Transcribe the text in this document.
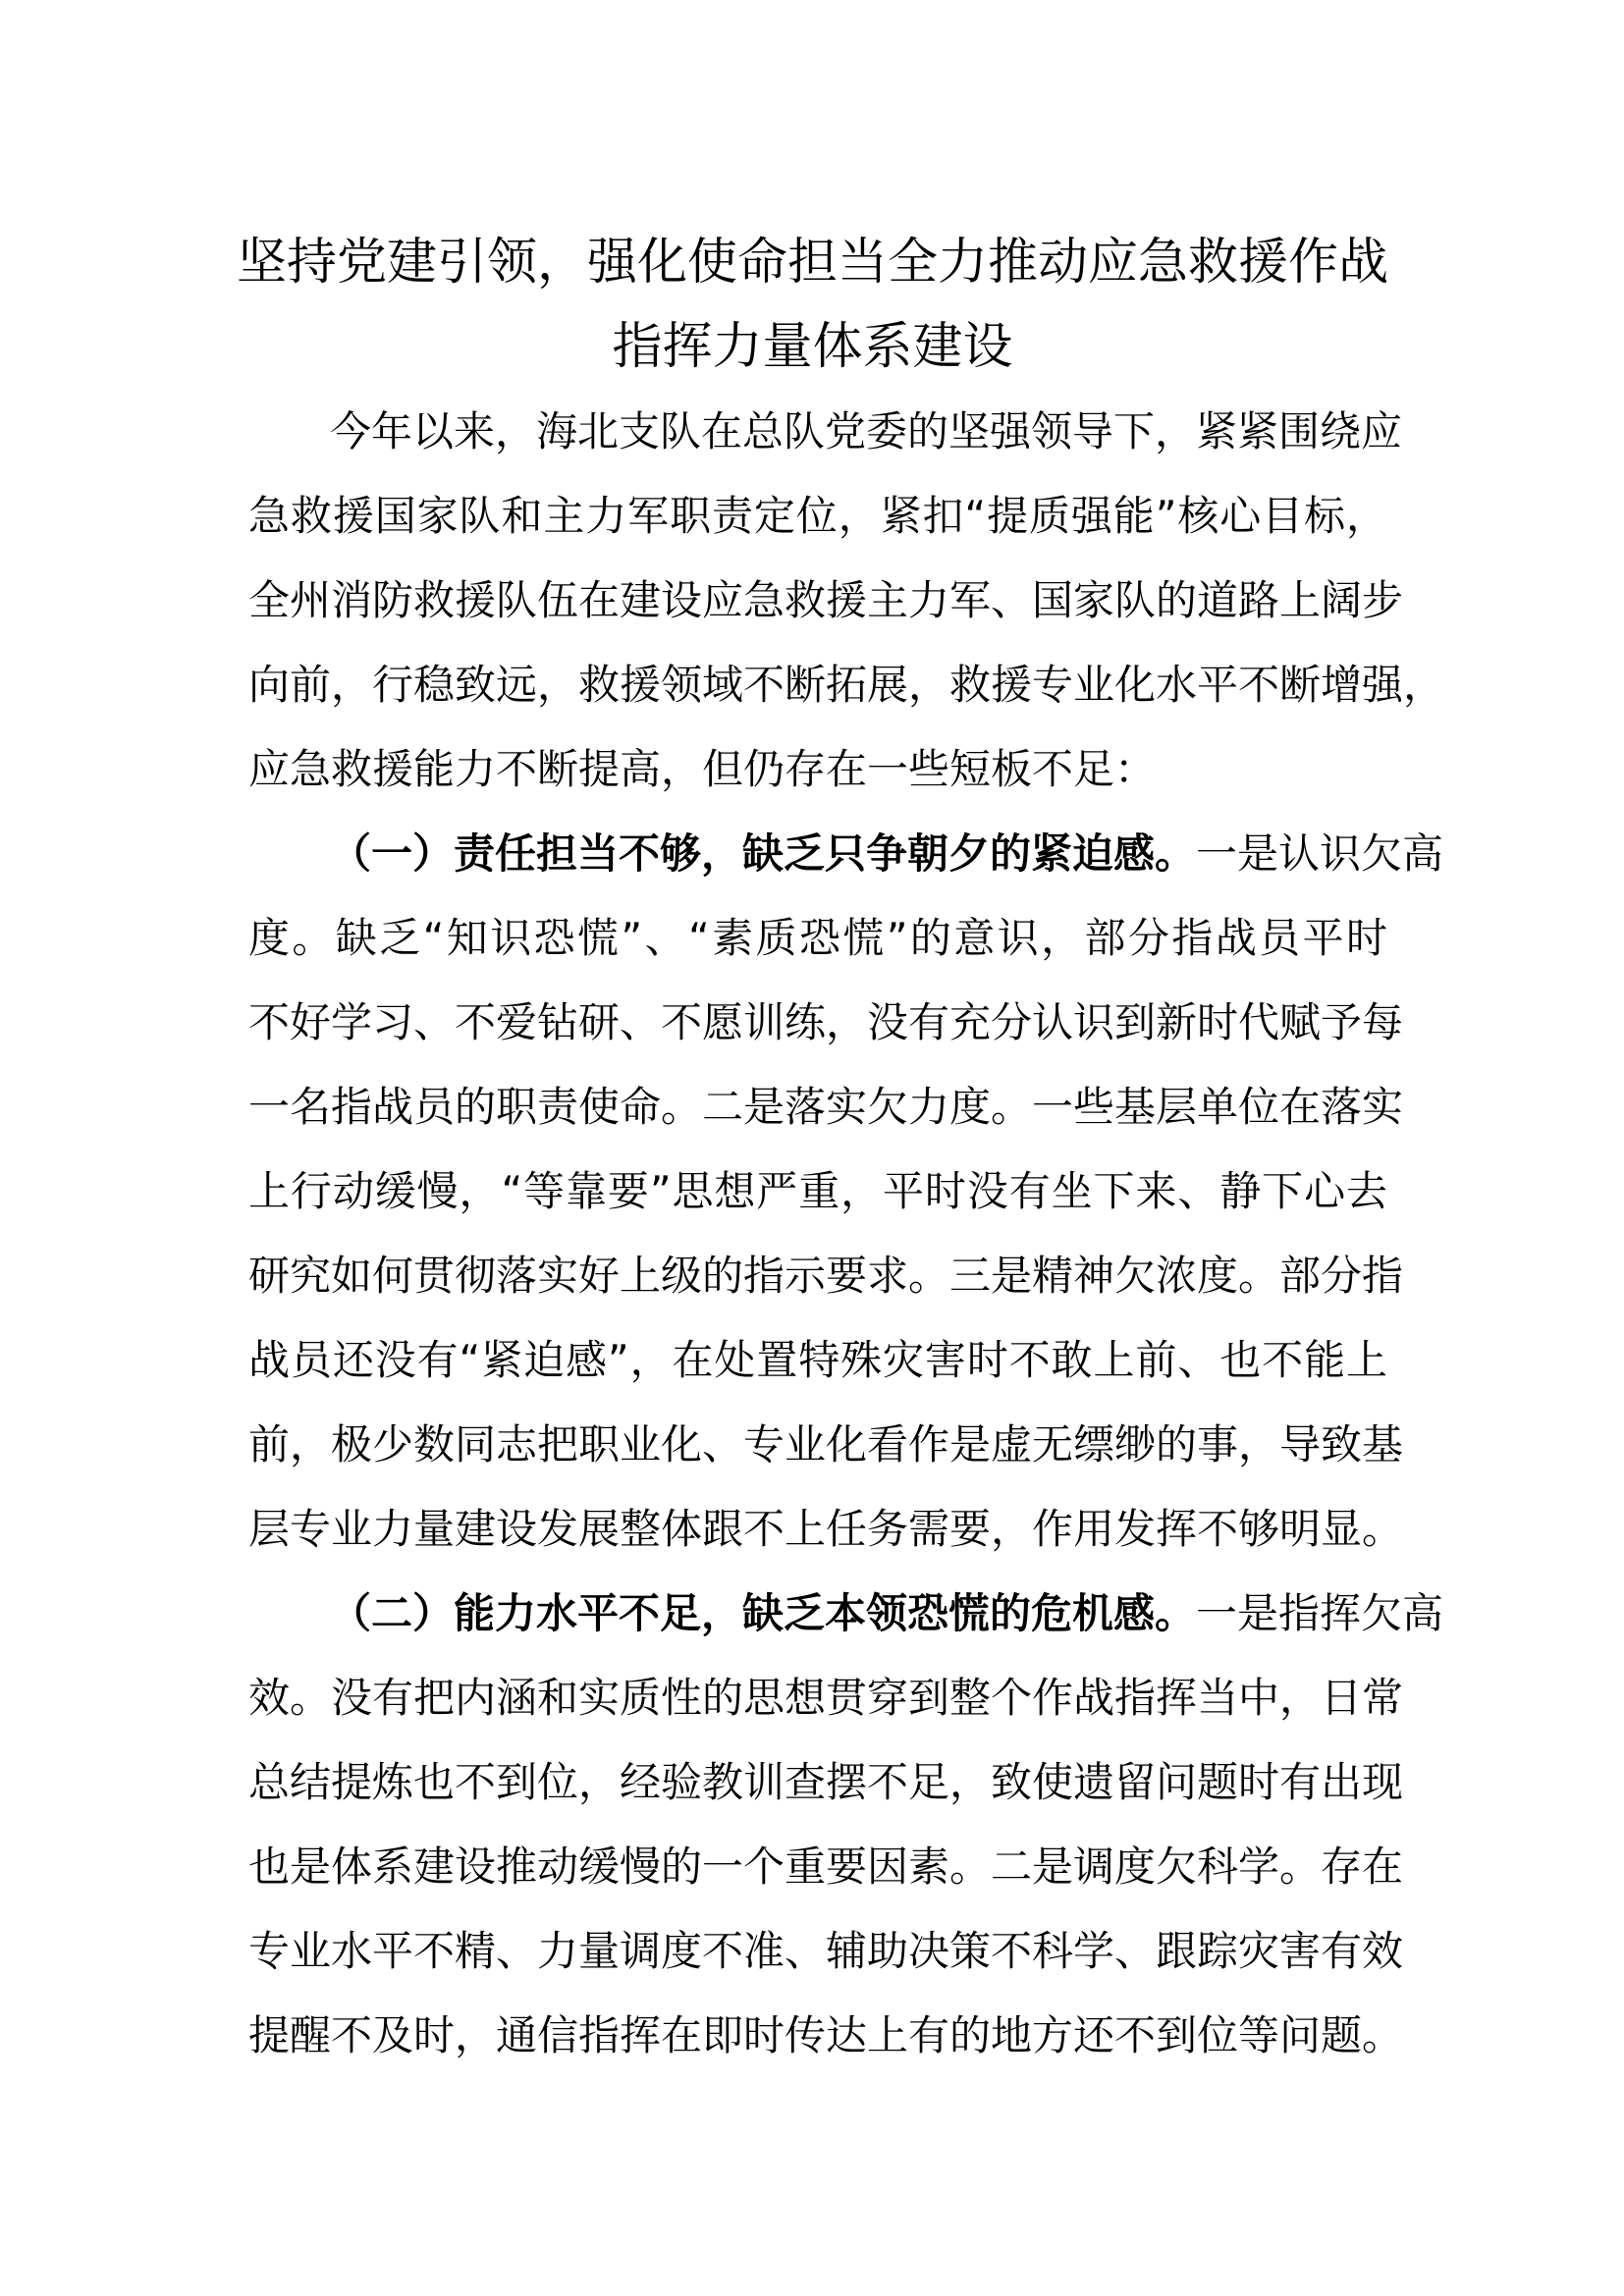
坚持党建引领，强化使命担当全力推动应急救援作战
指挥力量体系建设
今年以来，海北支队在总队党委的坚强领导下，紧紧围绕应
急救援国家队和主力军职责定位，紧扣“提质强能”核心目标，
全州消防救援队伍在建设应急救援主力军、国家队的道路上阔步
向前，行稳致远，救援领域不断拓展，救援专业化水平不断增强，
应急救援能力不断提高，但仍存在一些短板不足：
（一）责任担当不够，缺乏只争朝夕的紧迫感。一是认识欠高
度。缺乏“知识恐慌”、“素质恐慌”的意识，部分指战员平时
不好学习、不爱钻研、不愿训练，没有充分认识到新时代赋予每
一名指战员的职责使命。二是落实欠力度。一些基层单位在落实
上行动缓慢，“等靠要”思想严重，平时没有坐下来、静下心去
研究如何贯彻落实好上级的指示要求。三是精神欠浓度。部分指
战员还没有“紧迫感”，在处置特殊灾害时不敢上前、也不能上
前，极少数同志把职业化、专业化看作是虚无缥缈的事，导致基
层专业力量建设发展整体跟不上任务需要，作用发挥不够明显。
（二）能力水平不足，缺乏本领恐慌的危机感。一是指挥欠高
效。没有把内涵和实质性的思想贯穿到整个作战指挥当中，日常
总结提炼也不到位，经验教训查摆不足，致使遗留问题时有出现
也是体系建设推动缓慢的一个重要因素。二是调度欠科学。存在
专业水平不精、力量调度不准、辅助决策不科学、跟踪灾害有效
提醒不及时，通信指挥在即时传达上有的地方还不到位等问题。
